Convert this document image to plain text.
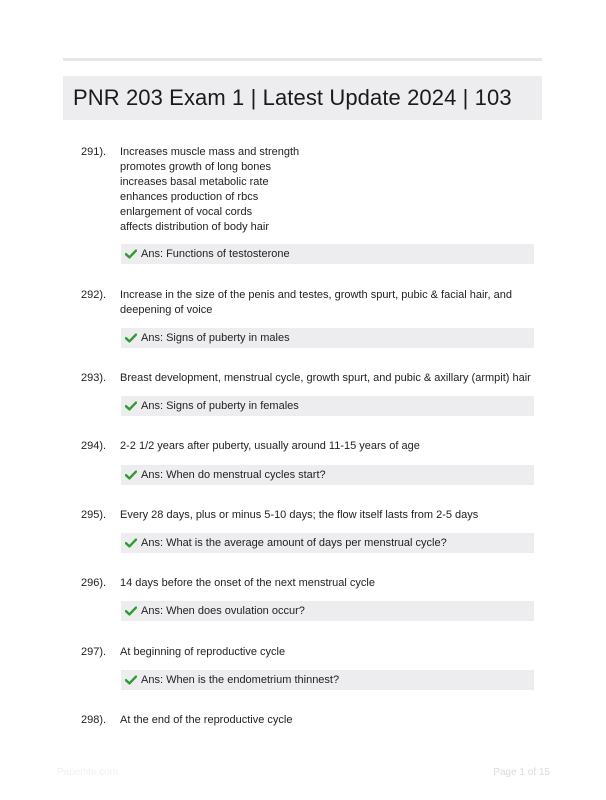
PNR 203 Exam 1 | Latest Update 2024 | 103
291). Increases muscle mass and strength
promotes growth of long bones
increases basal metabolic rate
enhances production of rbcs
enlargement of vocal cords
affects distribution of body hair
Ans: Functions of testosterone
292). Increase in the size of the penis and testes, growth spurt, pubic & facial hair, and
deepening of voice
Ans: Signs of puberty in males
293). Breast development, menstrual cycle, growth spurt, and pubic & axillary (armpit) hair
Ans: Signs of puberty in females
294). 2-2 1/2 years after puberty, usually around 11-15 years of age
Ans: When do menstrual cycles start?
295). Every 28 days, plus or minus 5-10 days; the flow itself lasts from 2-5 days
Ans: What is the average amount of days per menstrual cycle?
296). 14 days before the onset of the next menstrual cycle
Ans: When does ovulation occur?
297). At beginning of reproductive cycle
Ans: When is the endometrium thinnest?
298). At the end of the reproductive cycle
Paperlibr.com	Page 1 of 15
